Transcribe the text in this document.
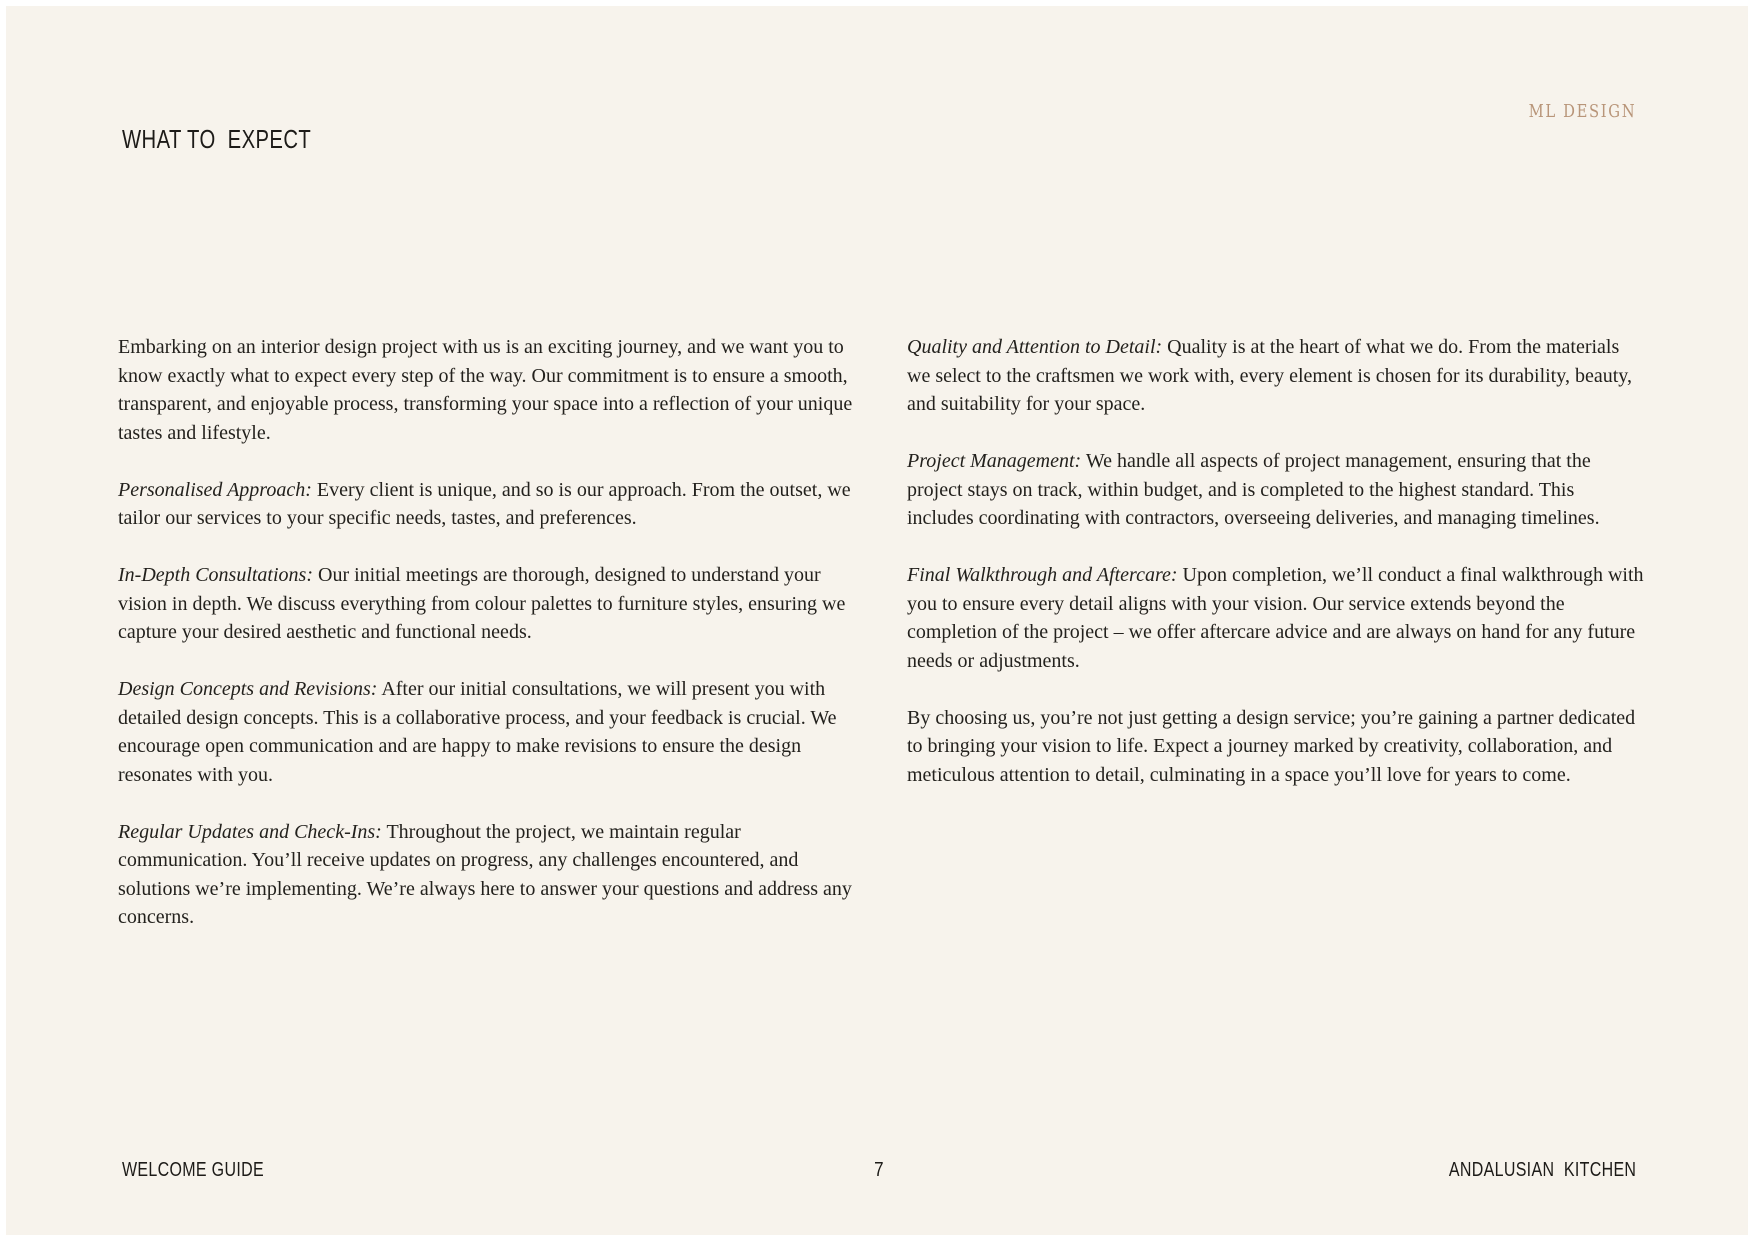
ML DESIGN
WHAT TO  EXPECT

Embarking on an interior design project with us is an exciting journey, and we want you to know exactly what to expect every step of the way. Our commitment is to ensure a smooth, transparent, and enjoyable process, transforming your space into a reflection of your unique tastes and lifestyle.

Personalised Approach: Every client is unique, and so is our approach. From the outset, we tailor our services to your specific needs, tastes, and preferences.

In-Depth Consultations: Our initial meetings are thorough, designed to understand your vision in depth. We discuss everything from colour palettes to furniture styles, ensuring we capture your desired aesthetic and functional needs.

Design Concepts and Revisions: After our initial consultations, we will present you with detailed design concepts. This is a collaborative process, and your feedback is crucial. We encourage open communication and are happy to make revisions to ensure the design resonates with you.

Regular Updates and Check-Ins: Throughout the project, we maintain regular communication. You’ll receive updates on progress, any challenges encountered, and solutions we’re implementing. We’re always here to answer your questions and address any concerns.

Quality and Attention to Detail: Quality is at the heart of what we do. From the materials we select to the craftsmen we work with, every element is chosen for its durability, beauty, and suitability for your space.

Project Management: We handle all aspects of project management, ensuring that the project stays on track, within budget, and is completed to the highest standard. This includes coordinating with contractors, overseeing deliveries, and managing timelines.

Final Walkthrough and Aftercare: Upon completion, we’ll conduct a final walkthrough with you to ensure every detail aligns with your vision. Our service extends beyond the completion of the project – we offer aftercare advice and are always on hand for any future needs or adjustments.

By choosing us, you’re not just getting a design service; you’re gaining a partner dedicated to bringing your vision to life. Expect a journey marked by creativity, collaboration, and meticulous attention to detail, culminating in a space you’ll love for years to come.

WELCOME GUIDE	7	ANDALUSIAN  KITCHEN
